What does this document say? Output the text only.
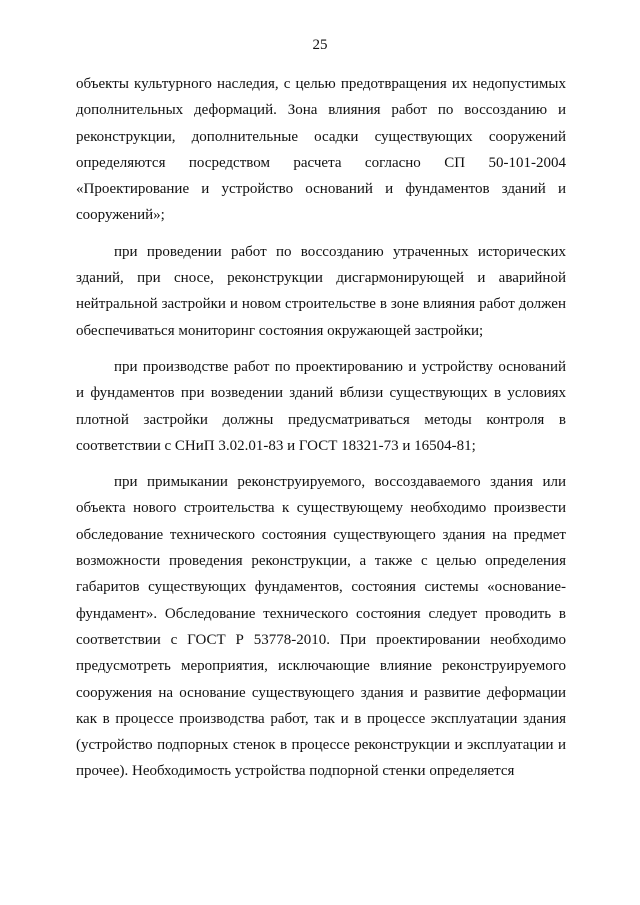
25

объекты культурного наследия, с целью предотвращения их недопустимых дополнительных деформаций. Зона влияния работ по воссозданию и реконструкции, дополнительные осадки существующих сооружений определяются посредством расчета согласно СП 50-101-2004 «Проектирование и устройство оснований и фундаментов зданий и сооружений»;

при проведении работ по воссозданию утраченных исторических зданий, при сносе, реконструкции дисгармонирующей и аварийной нейтральной застройки и новом строительстве в зоне влияния работ должен обеспечиваться мониторинг состояния окружающей застройки;

при производстве работ по проектированию и устройству оснований и фундаментов при возведении зданий вблизи существующих в условиях плотной застройки должны предусматриваться методы контроля в соответствии с СНиП 3.02.01-83 и ГОСТ 18321-73 и 16504-81;

при примыкании реконструируемого, воссоздаваемого здания или объекта нового строительства к существующему необходимо произвести обследование технического состояния существующего здания на предмет возможности проведения реконструкции, а также с целью определения габаритов существующих фундаментов, состояния системы «основание-фундамент». Обследование технического состояния следует проводить в соответствии с ГОСТ Р 53778-2010. При проектировании необходимо предусмотреть мероприятия, исключающие влияние реконструируемого сооружения на основание существующего здания и развитие деформации как в процессе производства работ, так и в процессе эксплуатации здания (устройство подпорных стенок в процессе реконструкции и эксплуатации и прочее). Необходимость устройства подпорной стенки определяется
